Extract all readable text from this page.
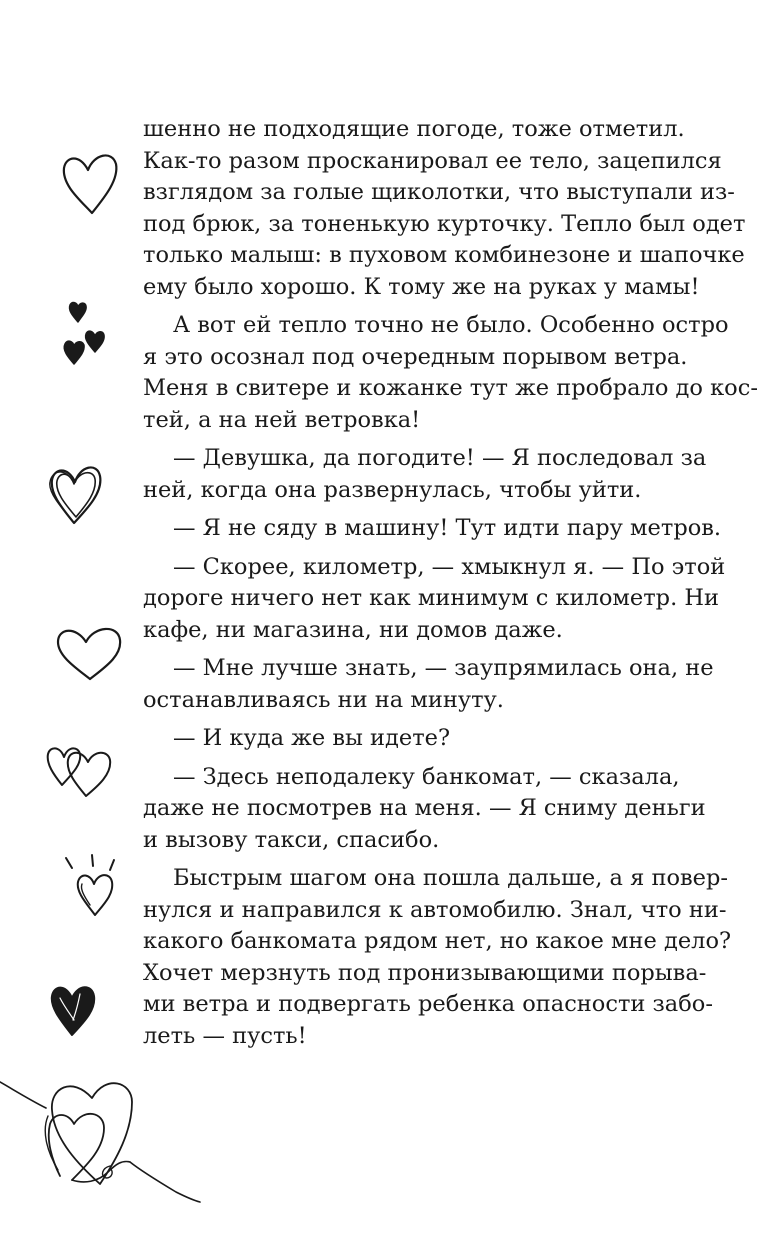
шенно не подходящие погоде, тоже отметил.
Как-то разом просканировал ее тело, зацепился
взглядом за голые щиколотки, что выступали из-
под брюк, за тоненькую курточку. Тепло был одет
только малыш: в пуховом комбинезоне и шапочке
ему было хорошо. К тому же на руках у мамы!
А вот ей тепло точно не было. Особенно остро
я это осознал под очередным порывом ветра.
Меня в свитере и кожанке тут же пробрало до кос-
тей, а на ней ветровка!
— Девушка, да погодите! — Я последовал за
ней, когда она развернулась, чтобы уйти.
— Я не сяду в машину! Тут идти пару метров.
— Скорее, километр, — хмыкнул я. — По этой
дороге ничего нет как минимум с километр. Ни
кафе, ни магазина, ни домов даже.
— Мне лучше знать, — заупрямилась она, не
останавливаясь ни на минуту.
— И куда же вы идете?
— Здесь неподалеку банкомат, — сказала,
даже не посмотрев на меня. — Я сниму деньги
и вызову такси, спасибо.
Быстрым шагом она пошла дальше, а я повер-
нулся и направился к автомобилю. Знал, что ни-
какого банкомата рядом нет, но какое мне дело?
Хочет мерзнуть под пронизывающими порыва-
ми ветра и подвергать ребенка опасности забо-
леть — пусть!
